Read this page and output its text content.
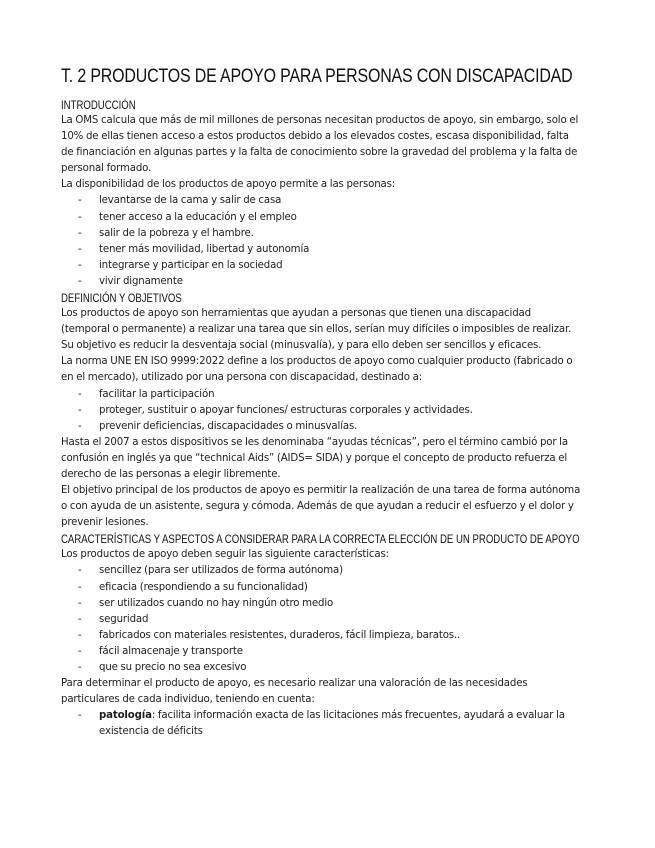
T. 2 PRODUCTOS DE APOYO PARA PERSONAS CON DISCAPACIDAD
INTRODUCCIÓN

La OMS calcula que más de mil millones de personas necesitan productos de apoyo, sin embargo, solo el 10% de ellas tienen acceso a estos productos debido a los elevados costes, escasa disponibilidad, falta de financiación en algunas partes y la falta de conocimiento sobre la gravedad del problema y la falta de personal formado.

La disponibilidad de los productos de apoyo permite a las personas:

- levantarse de la cama y salir de casa
- tener acceso a la educación y el empleo
- salir de la pobreza y el hambre.
- tener más movilidad, libertad y autonomía
- integrarse y participar en la sociedad
- vivir dignamente
DEFINICIÓN Y OBJETIVOS

Los productos de apoyo son herramientas que ayudan a personas que tienen una discapacidad (temporal o permanente) a realizar una tarea que sin ellos, serían muy difíciles o imposibles de realizar. Su objetivo es reducir la desventaja social (minusvalía), y para ello deben ser sencillos y eficaces.

La norma UNE EN ISO 9999:2022 define a los productos de apoyo como cualquier producto (fabricado o en el mercado), utilizado por una persona con discapacidad, destinado a:

- facilitar la participación
- proteger, sustituir o apoyar funciones/ estructuras corporales y actividades.
- prevenir deficiencias, discapacidades o minusvalías.

Hasta el 2007 a estos dispositivos se les denominaba “ayudas técnicas”, pero el término cambió por la confusión en inglés ya que “technical Aids” (AIDS= SIDA) y porque el concepto de producto refuerza el derecho de las personas a elegir libremente.

El objetivo principal de los productos de apoyo es permitir la realización de una tarea de forma autónoma o con ayuda de un asistente, segura y cómoda. Además de que ayudan a reducir el esfuerzo y el dolor y prevenir lesiones.

CARACTERÍSTICAS Y ASPECTOS A CONSIDERAR PARA LA CORRECTA ELECCIÓN DE UN PRODUCTO DE APOYO

Los productos de apoyo deben seguir las siguiente características:

- sencillez (para ser utilizados de forma autónoma)
- eficacia (respondiendo a su funcionalidad)
- ser utilizados cuando no hay ningún otro medio
- seguridad
- fabricados con materiales resistentes, duraderos, fácil limpieza, baratos..
- fácil almacenaje y transporte
- que su precio no sea excesivo

Para determinar el producto de apoyo, es necesario realizar una valoración de las necesidades particulares de cada individuo, teniendo en cuenta:

- patología: facilita información exacta de las licitaciones más frecuentes, ayudará a evaluar la existencia de déficits
